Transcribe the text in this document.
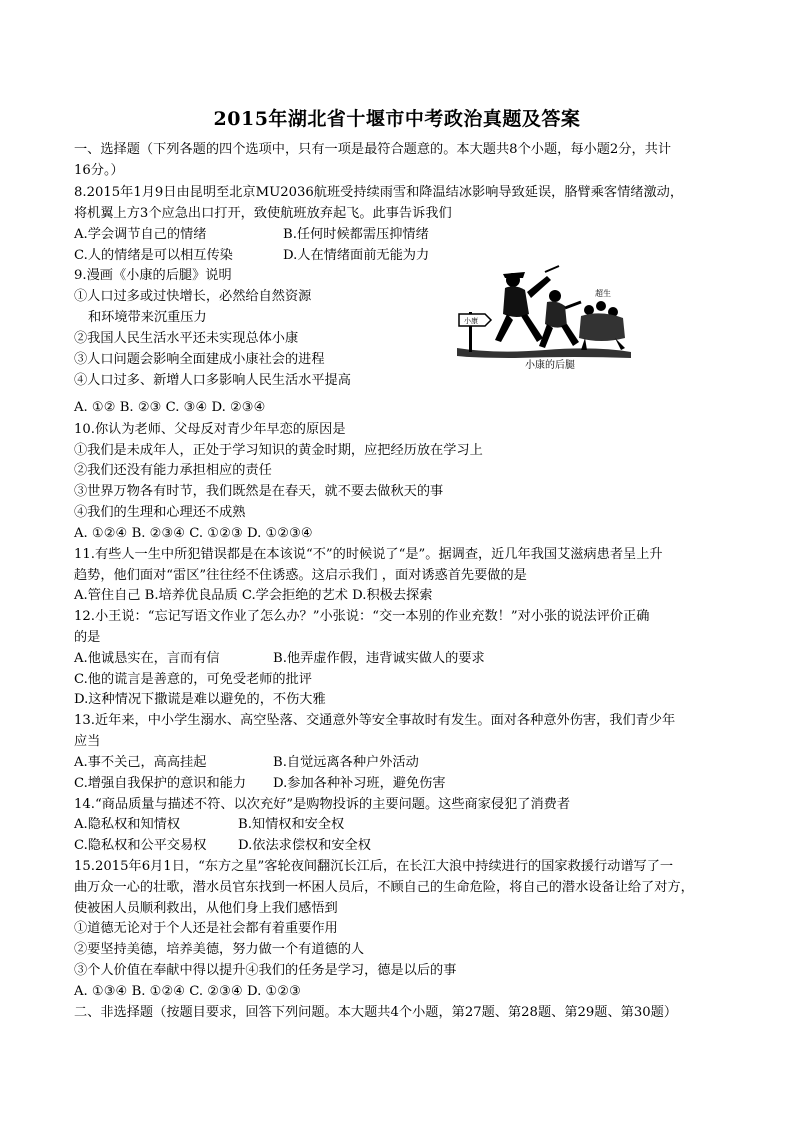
2015年湖北省十堰市中考政治真题及答案
一、选择题（下列各题的四个选项中，只有一项是最符合题意的。本大题共8个小题，每小题2分，共计
16分。）
8.2015年1月9日由昆明至北京MU2036航班受持续雨雪和降温结冰影响导致延误，胳臂乘客情绪激动，
将机翼上方3个应急出口打开，致使航班放弃起飞。此事告诉我们
A.学会调节自己的情绪	B.任何时候都需压抑情绪
C.人的情绪是可以相互传染	D.人在情绪面前无能为力
9.漫画《小康的后腿》说明
①人口过多或过快增长，必然给自然资源
和环境带来沉重压力
②我国人民生活水平还未实现总体小康
③人口问题会影响全面建成小康社会的进程
④人口过多、新增人口多影响人民生活水平提高
A. ①② B. ②③ C. ③④ D. ②③④
小康
超生
小康的后腿
10.你认为老师、父母反对青少年早恋的原因是
①我们是未成年人，正处于学习知识的黄金时期，应把经历放在学习上
②我们还没有能力承担相应的责任
③世界万物各有时节，我们既然是在春天，就不要去做秋天的事
④我们的生理和心理还不成熟
A. ①②④ B. ②③④ C. ①②③ D. ①②③④
11.有些人一生中所犯错误都是在本该说“不”的时候说了“是”。据调查，近几年我国艾滋病患者呈上升
趋势，他们面对“雷区”往往经不住诱惑。这启示我们 ，面对诱惑首先要做的是
A.管住自己 B.培养优良品质 C.学会拒绝的艺术 D.积极去探索
12.小王说：“忘记写语文作业了怎么办？”小张说：“交一本别的作业充数！”对小张的说法评价正确
的是
A.他诚恳实在，言而有信	B.他弄虚作假，违背诚实做人的要求
C.他的谎言是善意的，可免受老师的批评
D.这种情况下撒谎是难以避免的，不伤大雅
13.近年来，中小学生溺水、高空坠落、交通意外等安全事故时有发生。面对各种意外伤害，我们青少年
应当
A.事不关己，高高挂起	B.自觉远离各种户外活动
C.增强自我保护的意识和能力 D.参加各种补习班，避免伤害
14.“商品质量与描述不符、以次充好”是购物投诉的主要问题。这些商家侵犯了消费者
A.隐私权和知情权	B.知情权和安全权
C.隐私权和公平交易权 D.依法求偿权和安全权
15.2015年6月1日，“东方之星”客轮夜间翻沉长江后，在长江大浪中持续进行的国家救援行动谱写了一
曲万众一心的壮歌，潜水员官东找到一杯困人员后，不顾自己的生命危险，将自己的潜水设备让给了对方，
使被困人员顺利救出，从他们身上我们感悟到
①道德无论对于个人还是社会都有着重要作用
②要坚持美德，培养美德，努力做一个有道德的人
③个人价值在奉献中得以提升④我们的任务是学习，德是以后的事
A. ①③④ B. ①②④ C. ②③④ D. ①②③
二、非选择题（按题目要求，回答下列问题。本大题共4个小题，第27题、第28题、第29题、第30题）
